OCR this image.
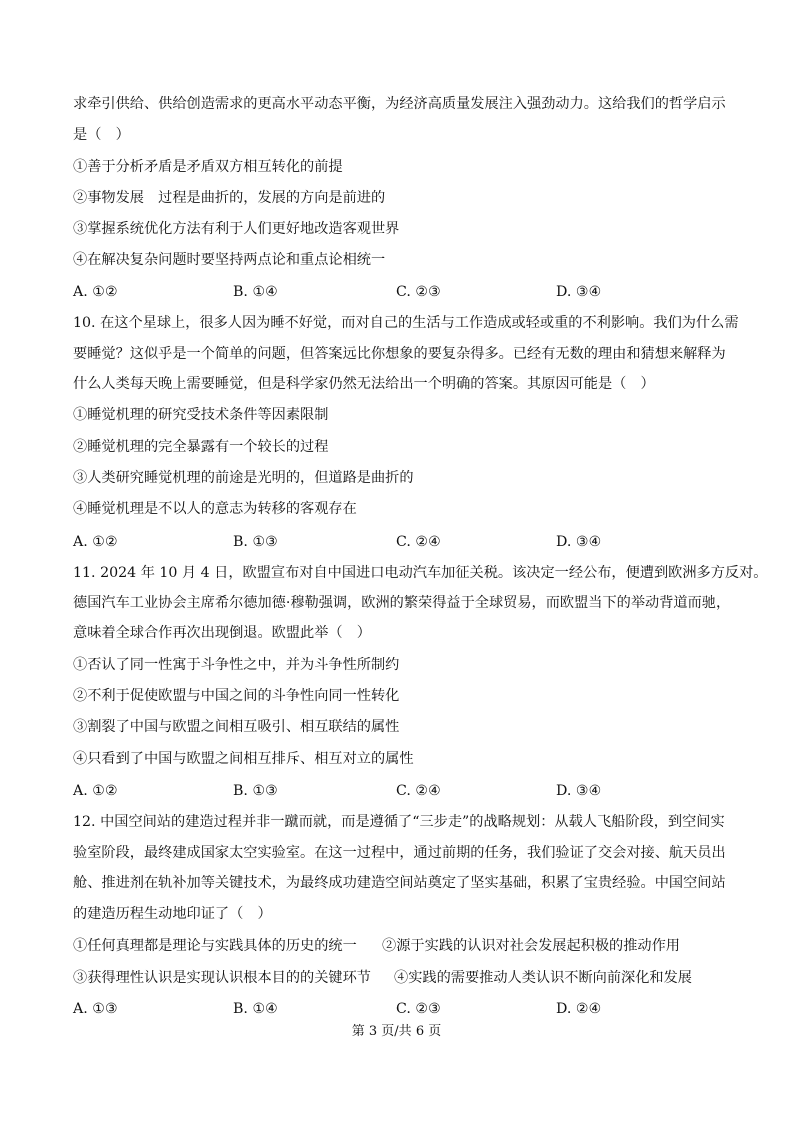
求牵引供给、供给创造需求的更高水平动态平衡，为经济高质量发展注入强劲动力。这给我们的哲学启示
是（　）
①善于分析矛盾是矛盾双方相互转化的前提
②事物发展　过程是曲折的，发展的方向是前进的
③掌握系统优化方法有利于人们更好地改造客观世界
④在解决复杂问题时要坚持两点论和重点论相统一
A. ①②	B. ①④	C. ②③	D. ③④
10. 在这个星球上，很多人因为睡不好觉，而对自己的生活与工作造成或轻或重的不利影响。我们为什么需
要睡觉？这似乎是一个简单的问题，但答案远比你想象的要复杂得多。已经有无数的理由和猜想来解释为
什么人类每天晚上需要睡觉，但是科学家仍然无法给出一个明确的答案。其原因可能是（　）
①睡觉机理的研究受技术条件等因素限制
②睡觉机理的完全暴露有一个较长的过程
③人类研究睡觉机理的前途是光明的，但道路是曲折的
④睡觉机理是不以人的意志为转移的客观存在
A. ①②	B. ①③	C. ②④	D. ③④
11. 2024 年 10 月 4 日，欧盟宣布对自中国进口电动汽车加征关税。该决定一经公布，便遭到欧洲多方反对。
德国汽车工业协会主席希尔德加德·穆勒强调，欧洲的繁荣得益于全球贸易，而欧盟当下的举动背道而驰，
意味着全球合作再次出现倒退。欧盟此举（　）
①否认了同一性寓于斗争性之中，并为斗争性所制约
②不利于促使欧盟与中国之间的斗争性向同一性转化
③割裂了中国与欧盟之间相互吸引、相互联结的属性
④只看到了中国与欧盟之间相互排斥、相互对立的属性
A. ①②	B. ①③	C. ②④	D. ③④
12. 中国空间站的建造过程并非一蹴而就，而是遵循了“三步走”的战略规划：从载人飞船阶段，到空间实
验室阶段，最终建成国家太空实验室。在这一过程中，通过前期的任务，我们验证了交会对接、航天员出
舱、推进剂在轨补加等关键技术，为最终成功建造空间站奠定了坚实基础，积累了宝贵经验。中国空间站
的建造历程生动地印证了（　）
①任何真理都是理论与实践具体的历史的统一 ②源于实践的认识对社会发展起积极的推动作用
③获得理性认识是实现认识根本目的的关键环节 ④实践的需要推动人类认识不断向前深化和发展
A. ①③	B. ①④	C. ②③	D. ②④
第 3 页/共 6 页
